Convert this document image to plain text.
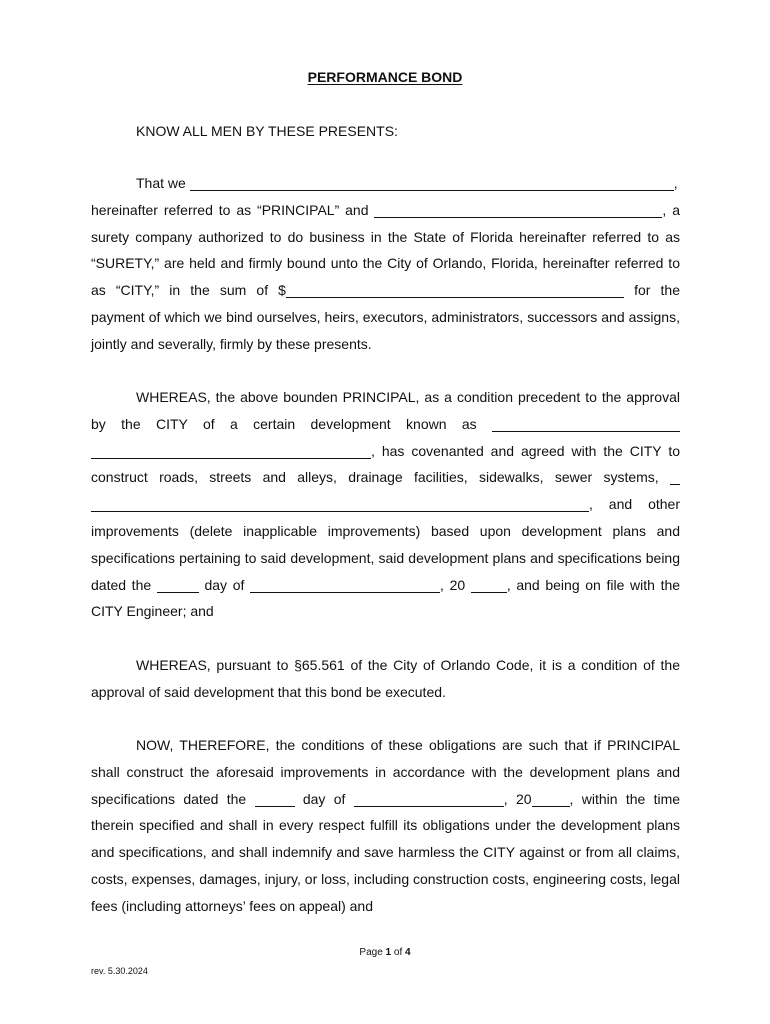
PERFORMANCE BOND

KNOW ALL MEN BY THESE PRESENTS:

That we	,
hereinafter referred to as “PRINCIPAL” and	, a surety company authorized to do business in the State of Florida hereinafter referred to as “SURETY,” are held and firmly bound unto the City of Orlando, Florida, hereinafter referred to as “CITY,” in the sum of $	for the payment of which we bind ourselves, heirs, executors, administrators, successors and assigns, jointly and severally, firmly by these presents.

WHEREAS, the above bounden PRINCIPAL, as a condition precedent to the approval by the CITY of a certain development known as  , has covenanted and agreed with the CITY to construct roads, streets and alleys, drainage facilities, sidewalks, sewer systems,  , and other improvements (delete inapplicable improvements) based upon development plans and specifications pertaining to said development, said development plans and specifications being dated the	day of	, 20	, and being on file with the CITY Engineer; and

WHEREAS, pursuant to §65.561 of the City of Orlando Code, it is a condition of the approval of said development that this bond be executed.

NOW, THEREFORE, the conditions of these obligations are such that if PRINCIPAL shall construct the aforesaid improvements in accordance with the development plans and specifications dated the	day of	, 20	, within the time therein specified and shall in every respect fulfill its obligations under the development plans and specifications, and shall indemnify and save harmless the CITY against or from all claims, costs, expenses, damages, injury, or loss, including construction costs, engineering costs, legal fees (including attorneys’ fees on appeal) and

Page 1 of 4
rev. 5.30.2024
